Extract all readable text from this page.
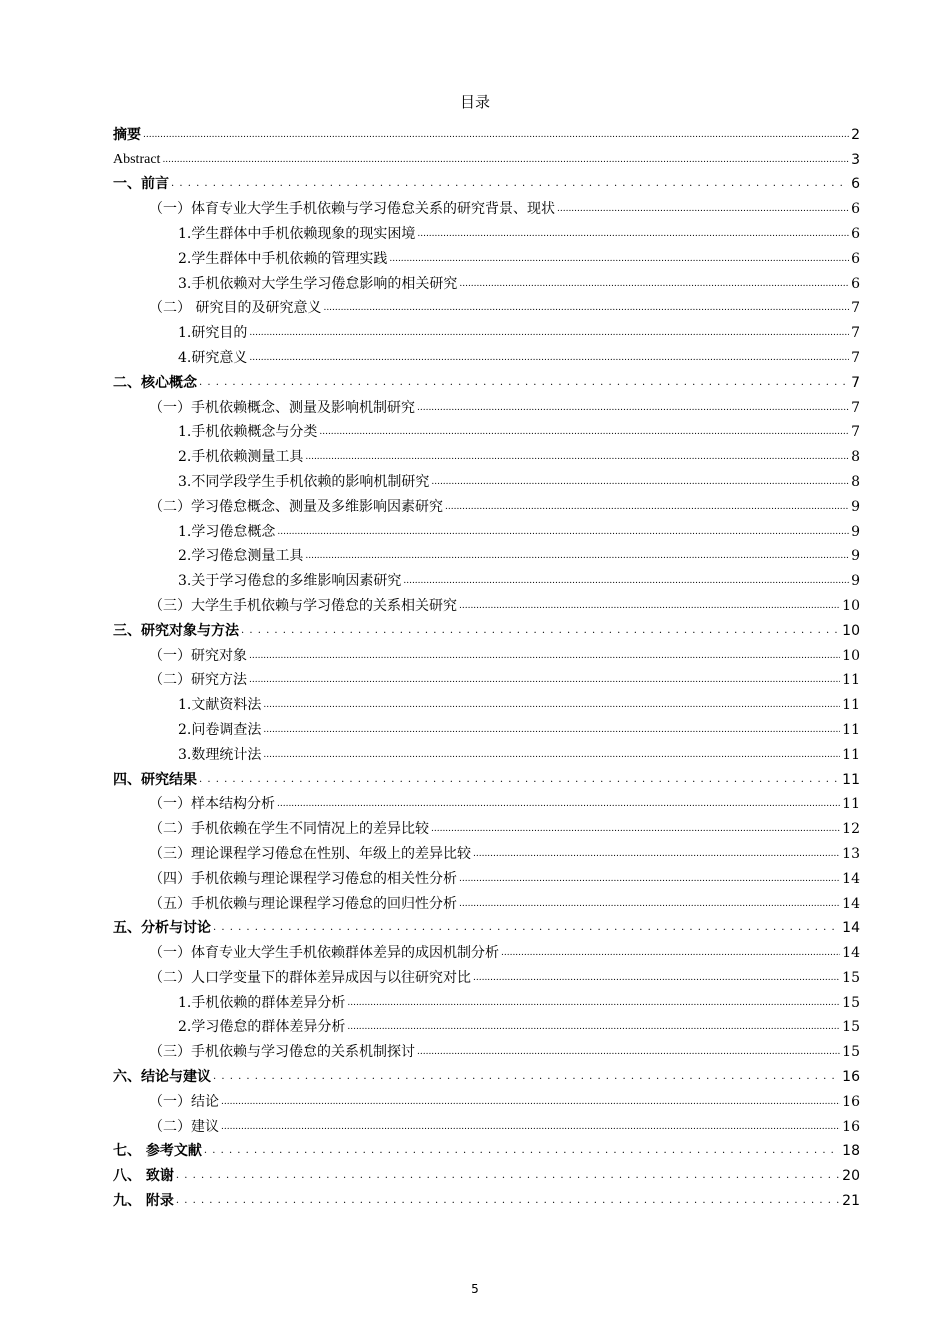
目录
摘要 .....	2
Abstract .....	3
一、前言 . . .	6
（一）体育专业大学生手机依赖与学习倦怠关系的研究背景、现状 .....	6
1.学生群体中手机依赖现象的现实困境 .....	6
2.学生群体中手机依赖的管理实践 .....	6
3.手机依赖对大学生学习倦怠影响的相关研究 .....	6
（二） 研究目的及研究意义 .....	7
1.研究目的 .....	7
4.研究意义 .....	7
二、核心概念 . . .	7
（一）手机依赖概念、测量及影响机制研究 .....	7
1.手机依赖概念与分类 .....	7
2.手机依赖测量工具 .....	8
3.不同学段学生手机依赖的影响机制研究 .....	8
（二）学习倦怠概念、测量及多维影响因素研究 .....	9
1.学习倦怠概念 .....	9
2.学习倦怠测量工具 .....	9
3.关于学习倦怠的多维影响因素研究 .....	9
（三）大学生手机依赖与学习倦怠的关系相关研究 .....	10
三、研究对象与方法 . . .	10
（一）研究对象 .....	10
（二）研究方法 .....	11
1.文献资料法 .....	11
2.问卷调查法 .....	11
3.数理统计法 .....	11
四、研究结果 . . .	11
（一）样本结构分析 .....	11
（二）手机依赖在学生不同情况上的差异比较 .....	12
（三）理论课程学习倦怠在性别、年级上的差异比较 .....	13
（四）手机依赖与理论课程学习倦怠的相关性分析 .....	14
（五）手机依赖与理论课程学习倦怠的回归性分析 .....	14
五、分析与讨论 . . .	14
（一）体育专业大学生手机依赖群体差异的成因机制分析 .....	14
（二）人口学变量下的群体差异成因与以往研究对比 .....	15
1.手机依赖的群体差异分析 .....	15
2.学习倦怠的群体差异分析 .....	15
（三）手机依赖与学习倦怠的关系机制探讨 .....	15
六、结论与建议 . . .	16
（一）结论 .....	16
（二）建议 .....	16
七、 参考文献 . . .	18
八、 致谢 . . .	20
九、 附录 . . .	21
5
